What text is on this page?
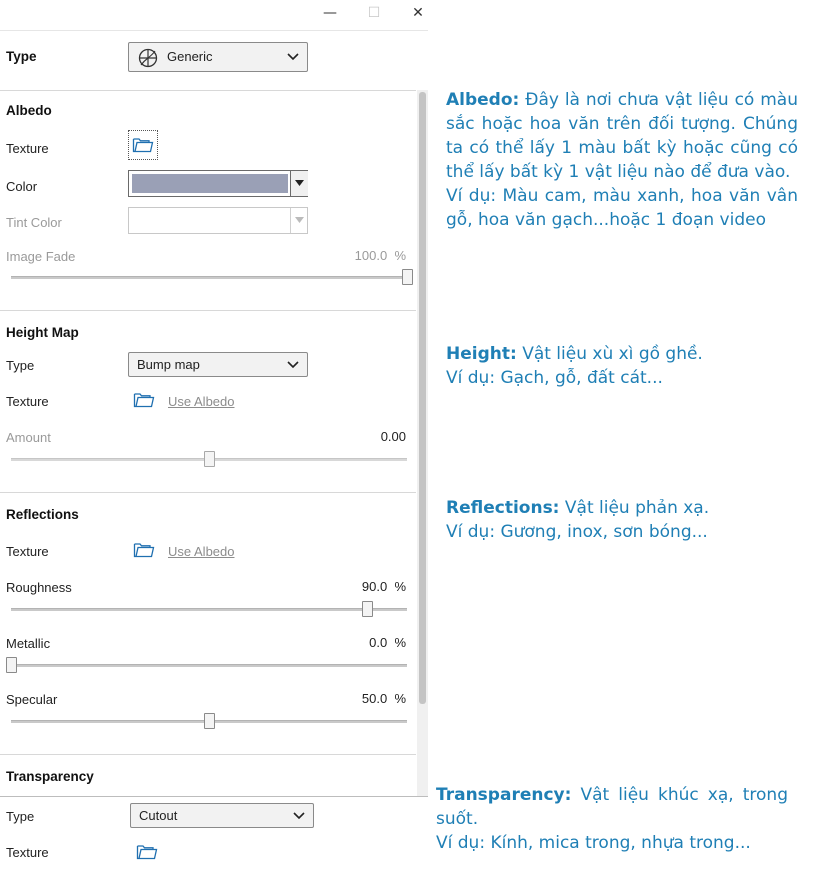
— ☐ ✕
Type	Generic
Albedo
Texture
Color
Tint Color
Image Fade	100.0 %
Height Map
Type	Bump map
Texture	Use Albedo
Amount	0.00
Reflections
Texture	Use Albedo
Roughness	90.0 %
Metallic	0.0 %
Specular	50.0 %
Transparency
Type	Cutout
Texture
Albedo: Đây là nơi chưa vật liệu có màu sắc hoặc hoa văn trên đối tượng. Chúng ta có thể lấy 1 màu bất kỳ hoặc cũng có thể lấy bất kỳ 1 vật liệu nào để đưa vào.
Ví dụ: Màu cam, màu xanh, hoa văn vân gỗ, hoa văn gạch...hoặc 1 đoạn video
Height: Vật liệu xù xì gồ ghề.
Ví dụ: Gạch, gỗ, đất cát...
Reflections: Vật liệu phản xạ.
Ví dụ: Gương, inox, sơn bóng...
Transparency: Vật liệu khúc xạ, trong suốt.
Ví dụ: Kính, mica trong, nhựa trong...
